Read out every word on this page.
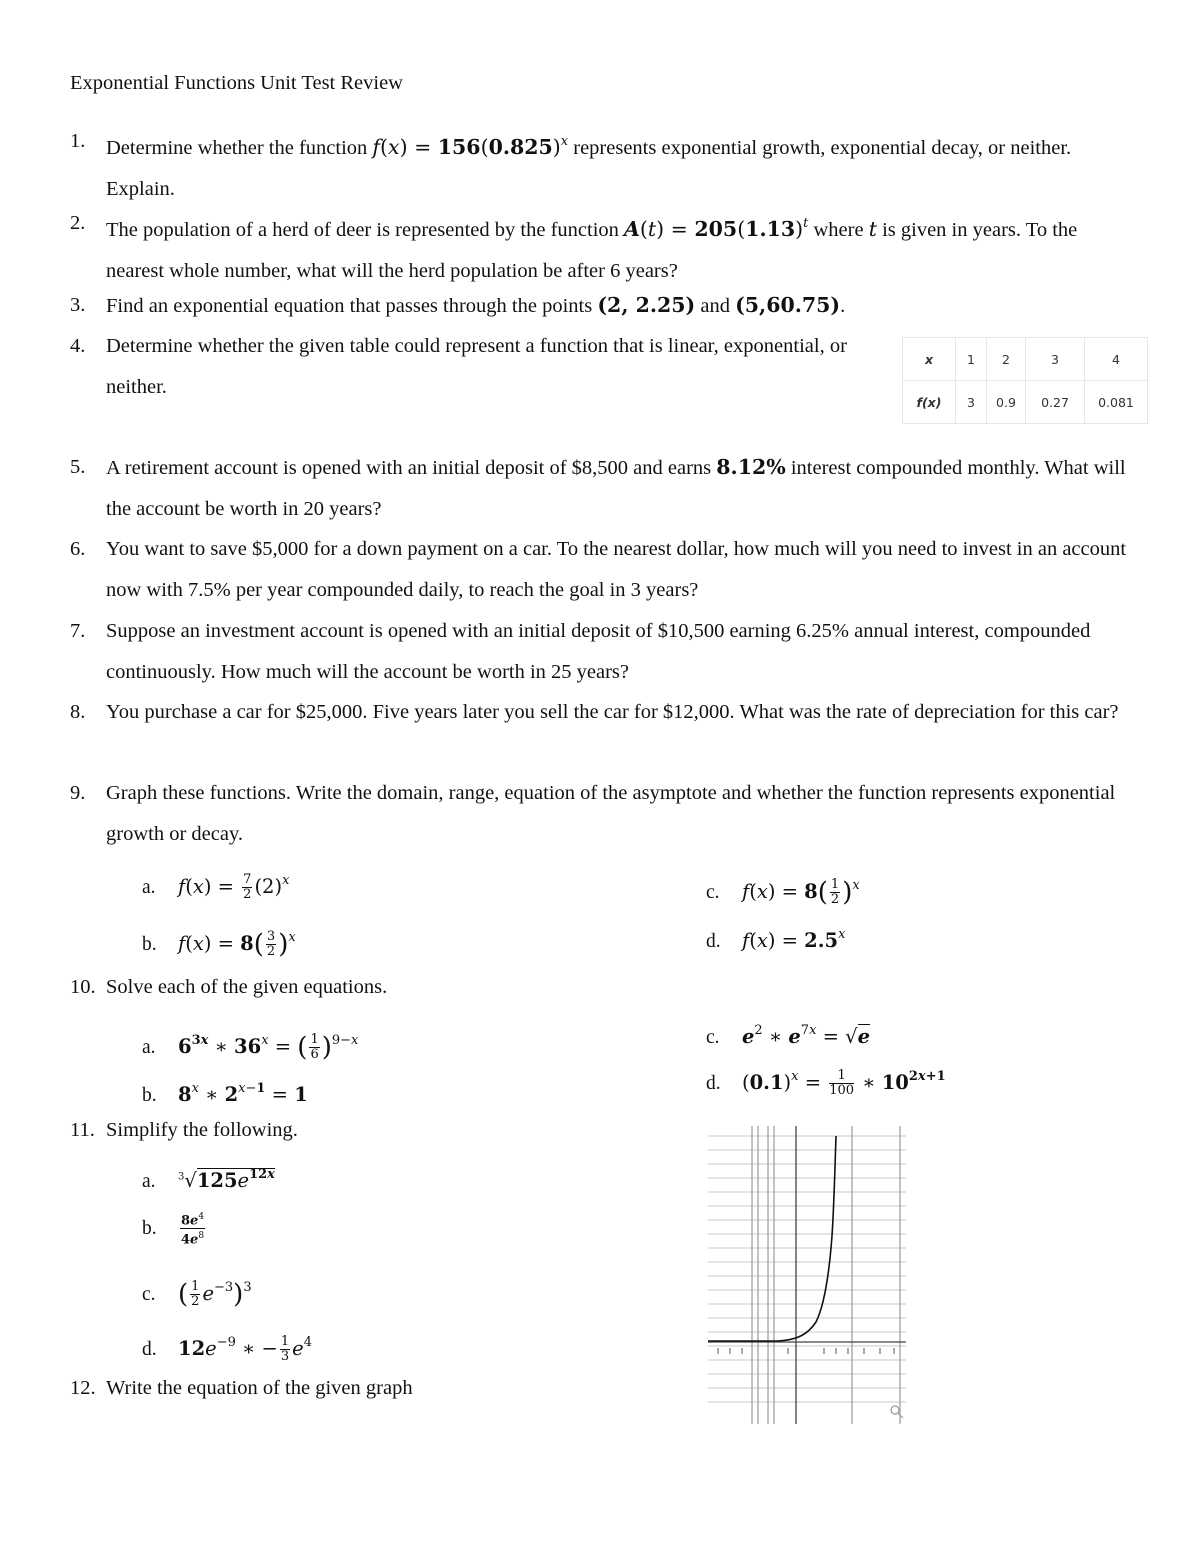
Exponential Functions Unit Test Review
1. Determine whether the function $f(x) = 156(0.825)^x$ represents exponential growth, exponential decay, or neither. Explain.
2. The population of a herd of deer is represented by the function $A(t) = 205(1.13)^t$ where t is given in years. To the nearest whole number, what will the herd population be after 6 years?
3. Find an exponential equation that passes through the points (2, 2.25) and (5,60.75).
4. Determine whether the given table could represent a function that is linear, exponential, or neither.
x	1	2	3	4
f(x)	3	0.9	0.27	0.081
5. A retirement account is opened with an initial deposit of $8,500 and earns 8.12% interest compounded monthly. What will the account be worth in 20 years?
6. You want to save $5,000 for a down payment on a car. To the nearest dollar, how much will you need to invest in an account now with 7.5% per year compounded daily, to reach the goal in 3 years?
7. Suppose an investment account is opened with an initial deposit of $10,500 earning 6.25% annual interest, compounded continuously. How much will the account be worth in 25 years?
8. You purchase a car for $25,000. Five years later you sell the car for $12,000. What was the rate of depreciation for this car?
9. Graph these functions. Write the domain, range, equation of the asymptote and whether the function represents exponential growth or decay.
a. $f(x) = \frac{7}{2} (2)^x$
b. $f(x) = 8( \frac{3}{2} )^x$
c. $f(x) = 8( \frac{1}{2} )^x$
d. $f(x) = 2.5^x$
10. Solve each of the given equations.
a. $6^{3x}$ ∗ $36^x$ = ( $\frac{1}{6} )^{9-x}$
b. 8$^x$ ∗ $2^{x-1} = 1$
c. $e^2$ ∗ $e^{7x} = √e$
d. $(0.1)^x = \frac{1}{100}$ ∗ $10^{2x+1}$
11. Simplify the following.
a. $^3√125e^{12x}$
b. $\frac{8e^4}{4e^8}$
c. ( $\frac{1}{2} e^{-3})^3$
d. $12e^{-9}$ ∗ − $\frac{1}{3} e^4$
12. Write the equation of the given graph
